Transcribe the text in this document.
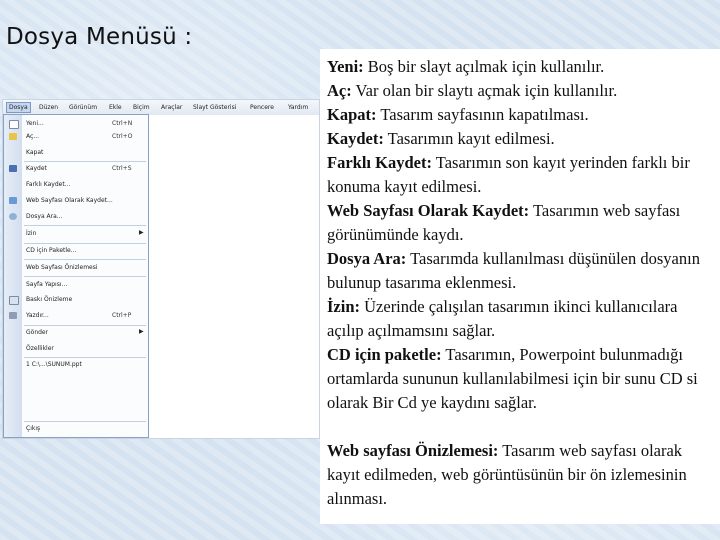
Dosya Menüsü :
Dosya	Düzen Görünüm Ekle Biçim Araçlar Slayt Gösterisi Pencere Yardım
Yeni...	Ctrl+N
Aç...	Ctrl+O
Kapat
Kaydet	Ctrl+S
Farklı Kaydet...
Web Sayfası Olarak Kaydet...
Dosya Ara...
İzin	▶
CD için Paketle...
Web Sayfası Önizlemesi
Sayfa Yapısı...
Baskı Önizleme
Yazdır...	Ctrl+P
Gönder	▶
Özellikler
1 C:\...\SUNUM.ppt
Çıkış

Yeni: Boş bir slayt açılmak için kullanılır.

Aç: Var olan bir slaytı açmak için kullanılır.

Kapat: Tasarım sayfasının kapatılması.

Kaydet: Tasarımın kayıt edilmesi.

Farklı Kaydet: Tasarımın son kayıt yerinden farklı bir konuma kayıt edilmesi.

Web Sayfası Olarak Kaydet: Tasarımın web sayfası görünümünde kaydı.

Dosya Ara: Tasarımda kullanılması düşünülen dosyanın bulunup tasarıma eklenmesi.

İzin: Üzerinde çalışılan tasarımın ikinci kullanıcılara açılıp açılmamsını sağlar.

CD için paketle: Tasarımın, Powerpoint bulunmadığı ortamlarda sununun kullanılabilmesi için bir sunu CD si olarak Bir Cd ye kaydını sağlar.

Web sayfası Önizlemesi: Tasarım web sayfası olarak kayıt edilmeden, web görüntüsünün bir ön izlemesinin alınması.
